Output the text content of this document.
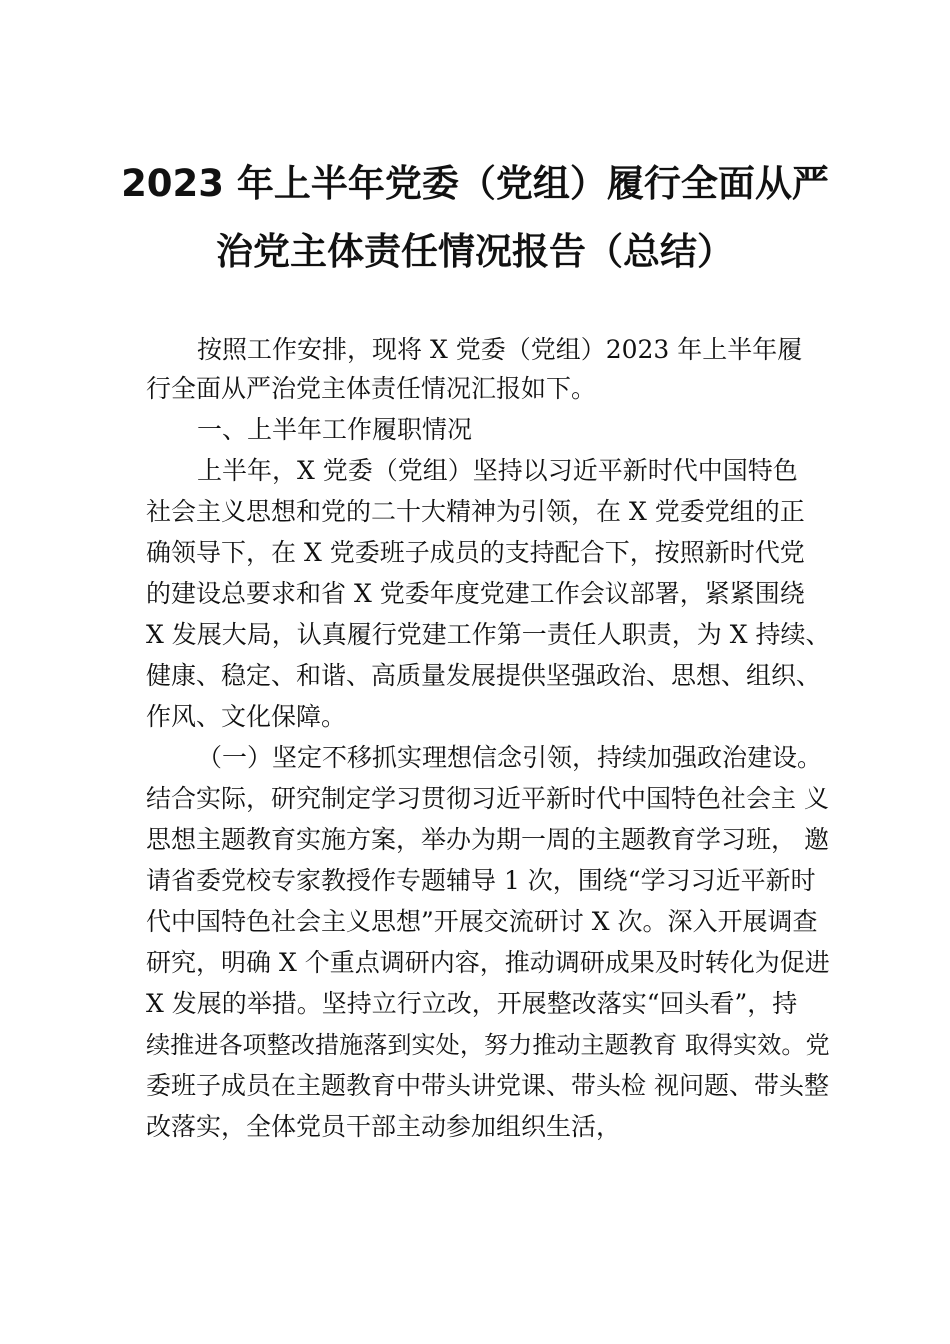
2023 年上半年党委（党组）履行全面从严
治党主体责任情况报告（总结）
按照工作安排，现将 X 党委（党组）2023 年上半年履
行全面从严治党主体责任情况汇报如下。
一、上半年工作履职情况
上半年，X 党委（党组）坚持以习近平新时代中国特色
社会主义思想和党的二十大精神为引领，在 X 党委党组的正
确领导下，在 X 党委班子成员的支持配合下，按照新时代党
的建设总要求和省 X 党委年度党建工作会议部署，紧紧围绕
X 发展大局，认真履行党建工作第一责任人职责，为 X 持续、
健康、稳定、和谐、高质量发展提供坚强政治、思想、组织、
作风、文化保障。
（一）坚定不移抓实理想信念引领，持续加强政治建设。
结合实际，研究制定学习贯彻习近平新时代中国特色社会主 义
思想主题教育实施方案，举办为期一周的主题教育学习班， 邀
请省委党校专家教授作专题辅导 1 次，围绕“学习习近平新时
代中国特色社会主义思想”开展交流研讨 X 次。深入开展调查
研究，明确 X 个重点调研内容，推动调研成果及时转化为促进
X 发展的举措。坚持立行立改，开展整改落实“回头看”，持
续推进各项整改措施落到实处，努力推动主题教育 取得实效。党
委班子成员在主题教育中带头讲党课、带头检 视问题、带头整
改落实，全体党员干部主动参加组织生活，
